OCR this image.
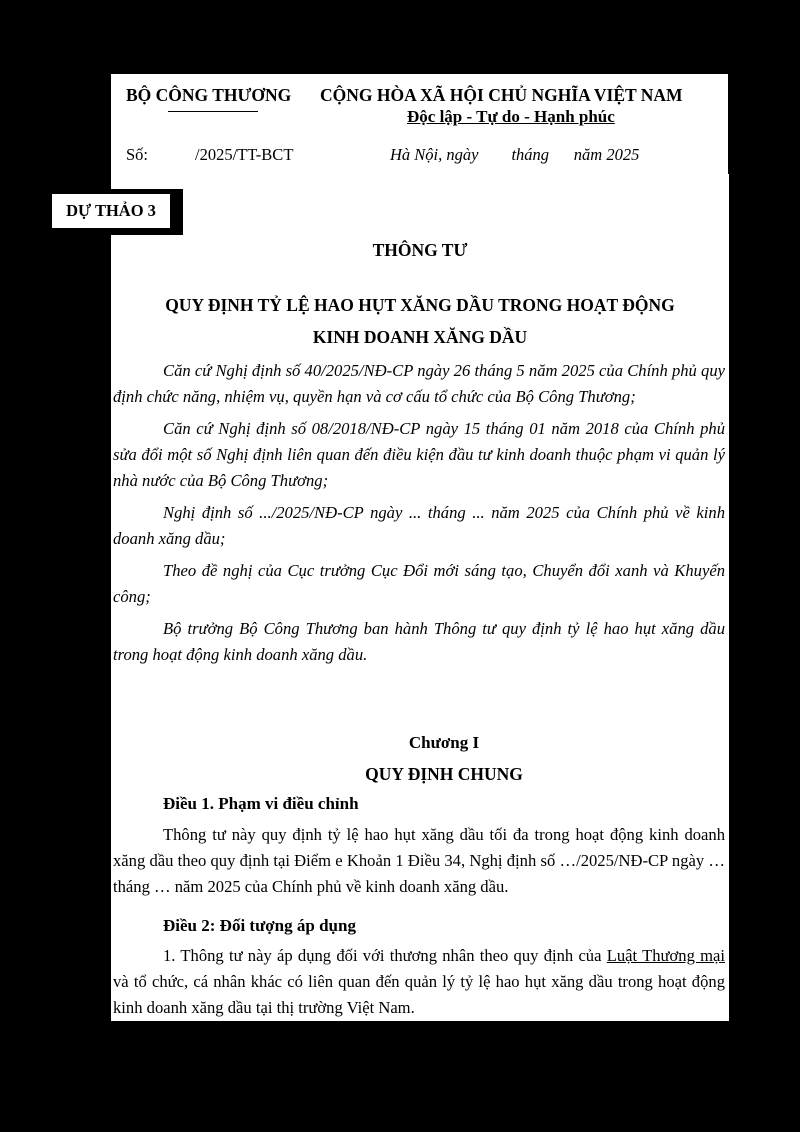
BỘ CÔNG THƯƠNG CỘNG HÒA XÃ HỘI CHỦ NGHĨA VIỆT NAM
Độc lập - Tự do - Hạnh phúc
Số:	/2025/TT-BCT	Hà Nội, ngày        tháng      năm 2025
DỰ THẢO 3
THÔNG TƯ
QUY ĐỊNH TỶ LỆ HAO HỤT XĂNG DẦU TRONG HOẠT ĐỘNG
KINH DOANH XĂNG DẦU

Căn cứ Nghị định số 40/2025/NĐ-CP ngày 26 tháng 5 năm 2025 của Chính phủ quy định chức năng, nhiệm vụ, quyền hạn và cơ cấu tổ chức của Bộ Công Thương;

Căn cứ Nghị định số 08/2018/NĐ-CP ngày 15 tháng 01 năm 2018 của Chính phủ sửa đổi một số Nghị định liên quan đến điều kiện đầu tư kinh doanh thuộc phạm vi quản lý nhà nước của Bộ Công Thương;

Nghị định số .../2025/NĐ-CP ngày ... tháng ... năm 2025 của Chính phủ về kinh doanh xăng dầu;

Theo đề nghị của Cục trưởng Cục Đổi mới sáng tạo, Chuyển đổi xanh và Khuyến công;

Bộ trưởng Bộ Công Thương ban hành Thông tư quy định tỷ lệ hao hụt xăng dầu trong hoạt động kinh doanh xăng dầu.

Chương I
QUY ĐỊNH CHUNG
Điều 1. Phạm vi điều chỉnh

Thông tư này quy định tỷ lệ hao hụt xăng dầu tối đa trong hoạt động kinh doanh xăng dầu theo quy định tại Điểm e Khoản 1 Điều 34, Nghị định số …/2025/NĐ-CP ngày … tháng … năm 2025 của Chính phủ về kinh doanh xăng dầu.

Điều 2: Đối tượng áp dụng

1. Thông tư này áp dụng đối với thương nhân theo quy định của Luật Thương mại và tổ chức, cá nhân khác có liên quan đến quản lý tỷ lệ hao hụt xăng dầu trong hoạt động kinh doanh xăng dầu tại thị trường Việt Nam.
